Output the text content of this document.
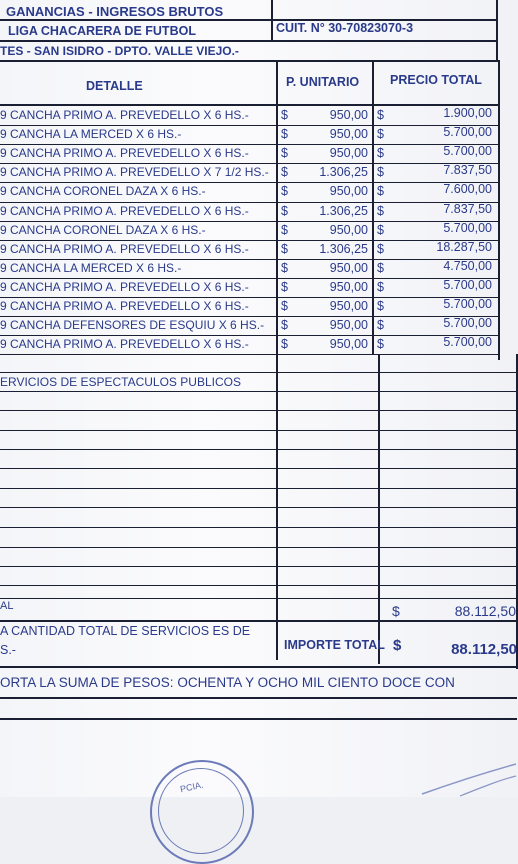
GANANCIAS - INGRESOS BRUTOS
LIGA CHACARERA DE FUTBOL	CUIT. N° 30-70823070-3
TES - SAN ISIDRO - DPTO. VALLE VIEJO.-
DETALLE	P. UNITARIO PRECIO TOTAL
9 CANCHA PRIMO A. PREVEDELLO X 6 HS.-	$	950,00 $	1.900,00
9 CANCHA LA MERCED X 6 HS.-	$	950,00 $	5.700,00
9 CANCHA PRIMO A. PREVEDELLO X 6 HS.-	$	950,00 $	5.700,00
9 CANCHA PRIMO A. PREVEDELLO X 7 1/2 HS.- $	1.306,25 $	7.837,50
9 CANCHA CORONEL DAZA X 6 HS.-	$	950,00 $	7.600,00
9 CANCHA PRIMO A. PREVEDELLO X 6 HS.-	$	1.306,25 $	7.837,50
9 CANCHA CORONEL DAZA X 6 HS.-	$	950,00 $	5.700,00
9 CANCHA PRIMO A. PREVEDELLO X 6 HS.-	$	1.306,25 $	18.287,50
9 CANCHA LA MERCED X 6 HS.-	$	950,00 $	4.750,00
9 CANCHA PRIMO A. PREVEDELLO X 6 HS.-	$	950,00 $	5.700,00
9 CANCHA PRIMO A. PREVEDELLO X 6 HS.-	$	950,00 $	5.700,00
9 CANCHA DEFENSORES DE ESQUIU X 6 HS.- $	950,00 $	5.700,00
9 CANCHA PRIMO A. PREVEDELLO X 6 HS.-	$	950,00 $	5.700,00
ERVICIOS DE ESPECTACULOS PUBLICOS
AL	$	88.112,50
A CANTIDAD TOTAL DE SERVICIOS ES DE
S.-	IMPORTE TOTAL $	88.112,50
ORTA LA SUMA DE PESOS: OCHENTA Y OCHO MIL CIENTO DOCE CON
PCIA.
